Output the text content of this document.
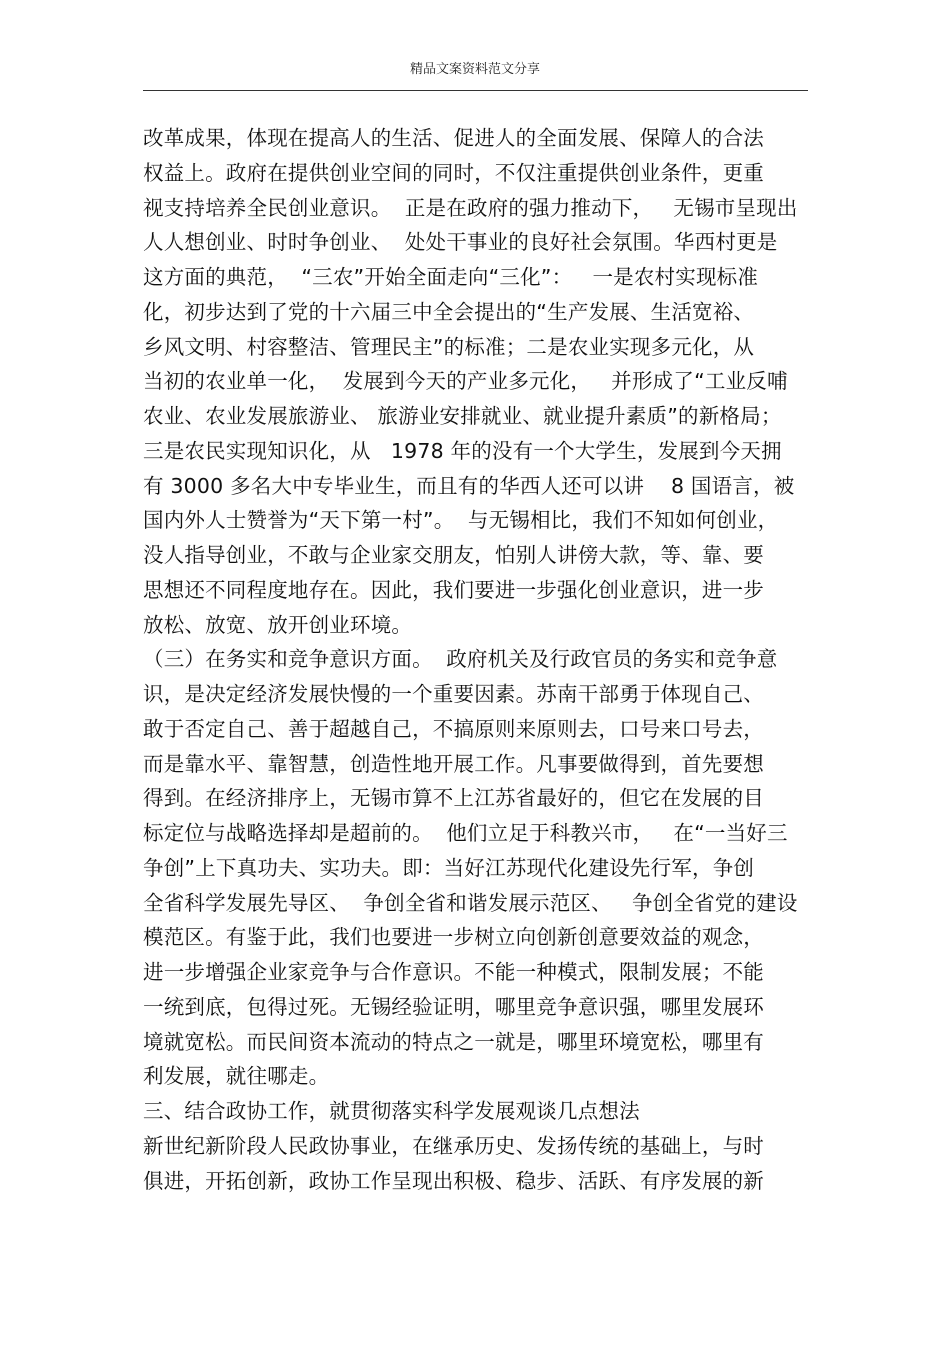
精品文案资料范文分享
改革成果，体现在提高人的生活、促进人的全面发展、保障人的合法
权益上。政府在提供创业空间的同时，不仅注重提供创业条件，更重
视支持培养全民创业意识。  正是在政府的强力推动下，   无锡市呈现出
人人想创业、时时争创业、  处处干事业的良好社会氛围。华西村更是
这方面的典范，  “三农”开始全面走向“三化”：   一是农村实现标准
化，初步达到了党的十六届三中全会提出的“生产发展、生活宽裕、
乡风文明、村容整洁、管理民主”的标准；二是农业实现多元化，从
当初的农业单一化，  发展到今天的产业多元化，   并形成了“工业反哺
农业、农业发展旅游业、 旅游业安排就业、就业提升素质”的新格局；
三是农民实现知识化，从   1978 年的没有一个大学生，发展到今天拥
有 3000 多名大中专毕业生，而且有的华西人还可以讲    8 国语言，被
国内外人士赞誉为“天下第一村”。  与无锡相比，我们不知如何创业，
没人指导创业，不敢与企业家交朋友，怕别人讲傍大款，等、靠、要
思想还不同程度地存在。因此，我们要进一步强化创业意识，进一步
放松、放宽、放开创业环境。
（三）在务实和竞争意识方面。  政府机关及行政官员的务实和竞争意
识，是决定经济发展快慢的一个重要因素。苏南干部勇于体现自己、
敢于否定自己、善于超越自己，不搞原则来原则去，口号来口号去，
而是靠水平、靠智慧，创造性地开展工作。凡事要做得到，首先要想
得到。在经济排序上，无锡市算不上江苏省最好的，但它在发展的目
标定位与战略选择却是超前的。  他们立足于科教兴市，   在“一当好三
争创”上下真功夫、实功夫。即：当好江苏现代化建设先行军，争创
全省科学发展先导区、  争创全省和谐发展示范区、   争创全省党的建设
模范区。有鉴于此，我们也要进一步树立向创新创意要效益的观念，
进一步增强企业家竞争与合作意识。不能一种模式，限制发展；不能
一统到底，包得过死。无锡经验证明，哪里竞争意识强，哪里发展环
境就宽松。而民间资本流动的特点之一就是，哪里环境宽松，哪里有
利发展，就往哪走。
三、结合政协工作，就贯彻落实科学发展观谈几点想法
新世纪新阶段人民政协事业，在继承历史、发扬传统的基础上，与时
俱进，开拓创新，政协工作呈现出积极、稳步、活跃、有序发展的新
